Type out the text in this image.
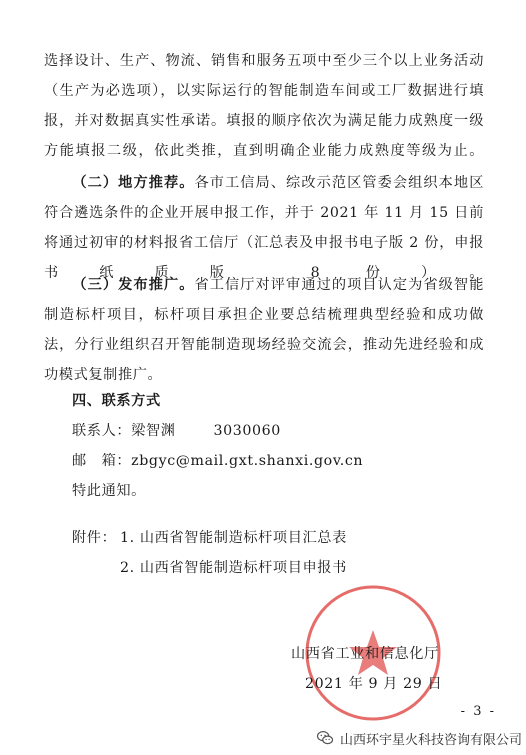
选择设计、生产、物流、销售和服务五项中至少三个以上业务活动（生产为必选项），以实际运行的智能制造车间或工厂数据进行填报，并对数据真实性承诺。填报的顺序依次为满足能力成熟度一级方能填报二级，依此类推，直到明确企业能力成熟度等级为止。
（二）地方推荐。各市工信局、综改示范区管委会组织本地区符合遴选条件的企业开展申报工作，并于 2021 年 11 月 15 日前将通过初审的材料报省工信厅（汇总表及申报书电子版 2 份，申报书纸质版 8 份）。
（三）发布推广。省工信厅对评审通过的项目认定为省级智能制造标杆项目，标杆项目承担企业要总结梳理典型经验和成功做法，分行业组织召开智能制造现场经验交流会，推动先进经验和成功模式复制推广。
四、联系方式
联系人：梁智渊	3030060
邮　箱：zbgyc@mail.gxt.shanxi.gov.cn
特此通知。
附件： 1. 山西省智能制造标杆项目汇总表
2. 山西省智能制造标杆项目申报书
山西省工业和信息化厅
2021 年 9 月 29 日
- 3 -
山西环宇星火科技咨询有限公司
